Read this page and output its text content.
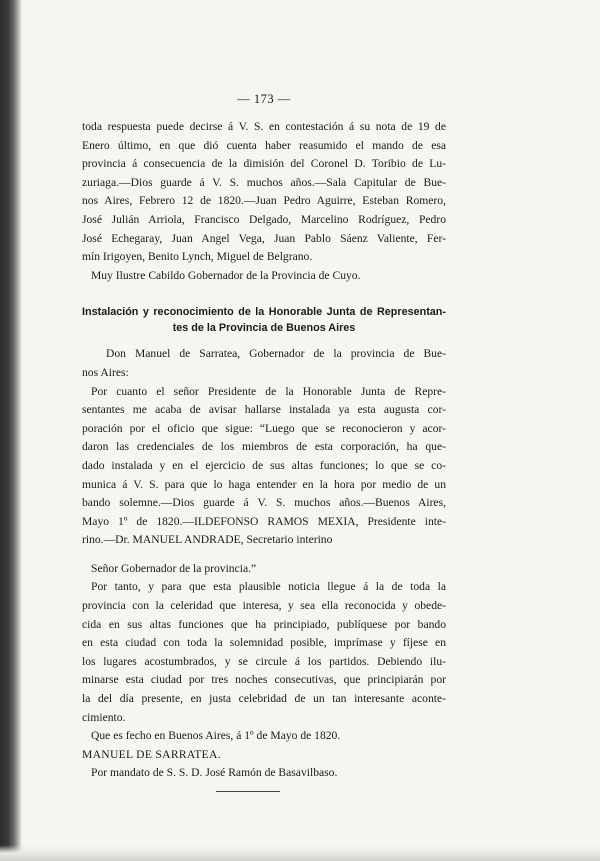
— 173 —

toda respuesta puede decirse á V. S. en contestación á su nota de 19 de

Enero último, en que dió cuenta haber reasumido el mando de esa

provincia á consecuencia de la dimisión del Coronel D. Toribio de Lu-

zuriaga.—Dios guarde á V. S. muchos años.—Sala Capitular de Bue-

nos Aires, Febrero 12 de 1820.—Juan Pedro Aguirre, Esteban Romero,

José Julián Arriola, Francisco Delgado, Marcelino Rodríguez, Pedro

José Echegaray, Juan Angel Vega, Juan Pablo Sáenz Valiente, Fer-

mín Irigoyen, Benito Lynch, Miguel de Belgrano.

Muy Ilustre Cabildo Gobernador de la Provincia de Cuyo.

Instalación y reconocimiento de la Honorable Junta de Representan-

tes de la Provincia de Buenos Aires

Don Manuel de Sarratea, Gobernador de la provincia de Bue-

nos Aires:

Por cuanto el señor Presidente de la Honorable Junta de Repre-

sentantes me acaba de avisar hallarse instalada ya esta augusta cor-

poración por el oficio que sigue: “Luego que se reconocieron y acor-

daron las credenciales de los miembros de esta corporación, ha que-

dado instalada y en el ejercicio de sus altas funciones; lo que se co-

munica á V. S. para que lo haga entender en la hora por medio de un

bando solemne.—Dios guarde á V. S. muchos años.—Buenos Aires,

Mayo 1º de 1820.—ILDEFONSO RAMOS MEXIA, Presidente inte-

rino.—Dr. MANUEL ANDRADE, Secretario interino

Señor Gobernador de la provincia.”

Por tanto, y para que esta plausible noticia llegue á la de toda la

provincia con la celeridad que interesa, y sea ella reconocida y obede-

cida en sus altas funciones que ha principiado, publíquese por bando

en esta ciudad con toda la solemnidad posible, imprímase y fíjese en

los lugares acostumbrados, y se circule á los partidos. Debiendo ilu-

minarse esta ciudad por tres noches consecutivas, que principiarán por

la del día presente, en justa celebridad de un tan interesante aconte-

cimiento.

Que es fecho en Buenos Aires, á 1º de Mayo de 1820.

MANUEL DE SARRATEA.

Por mandato de S. S. D. José Ramón de Basavilbaso.
